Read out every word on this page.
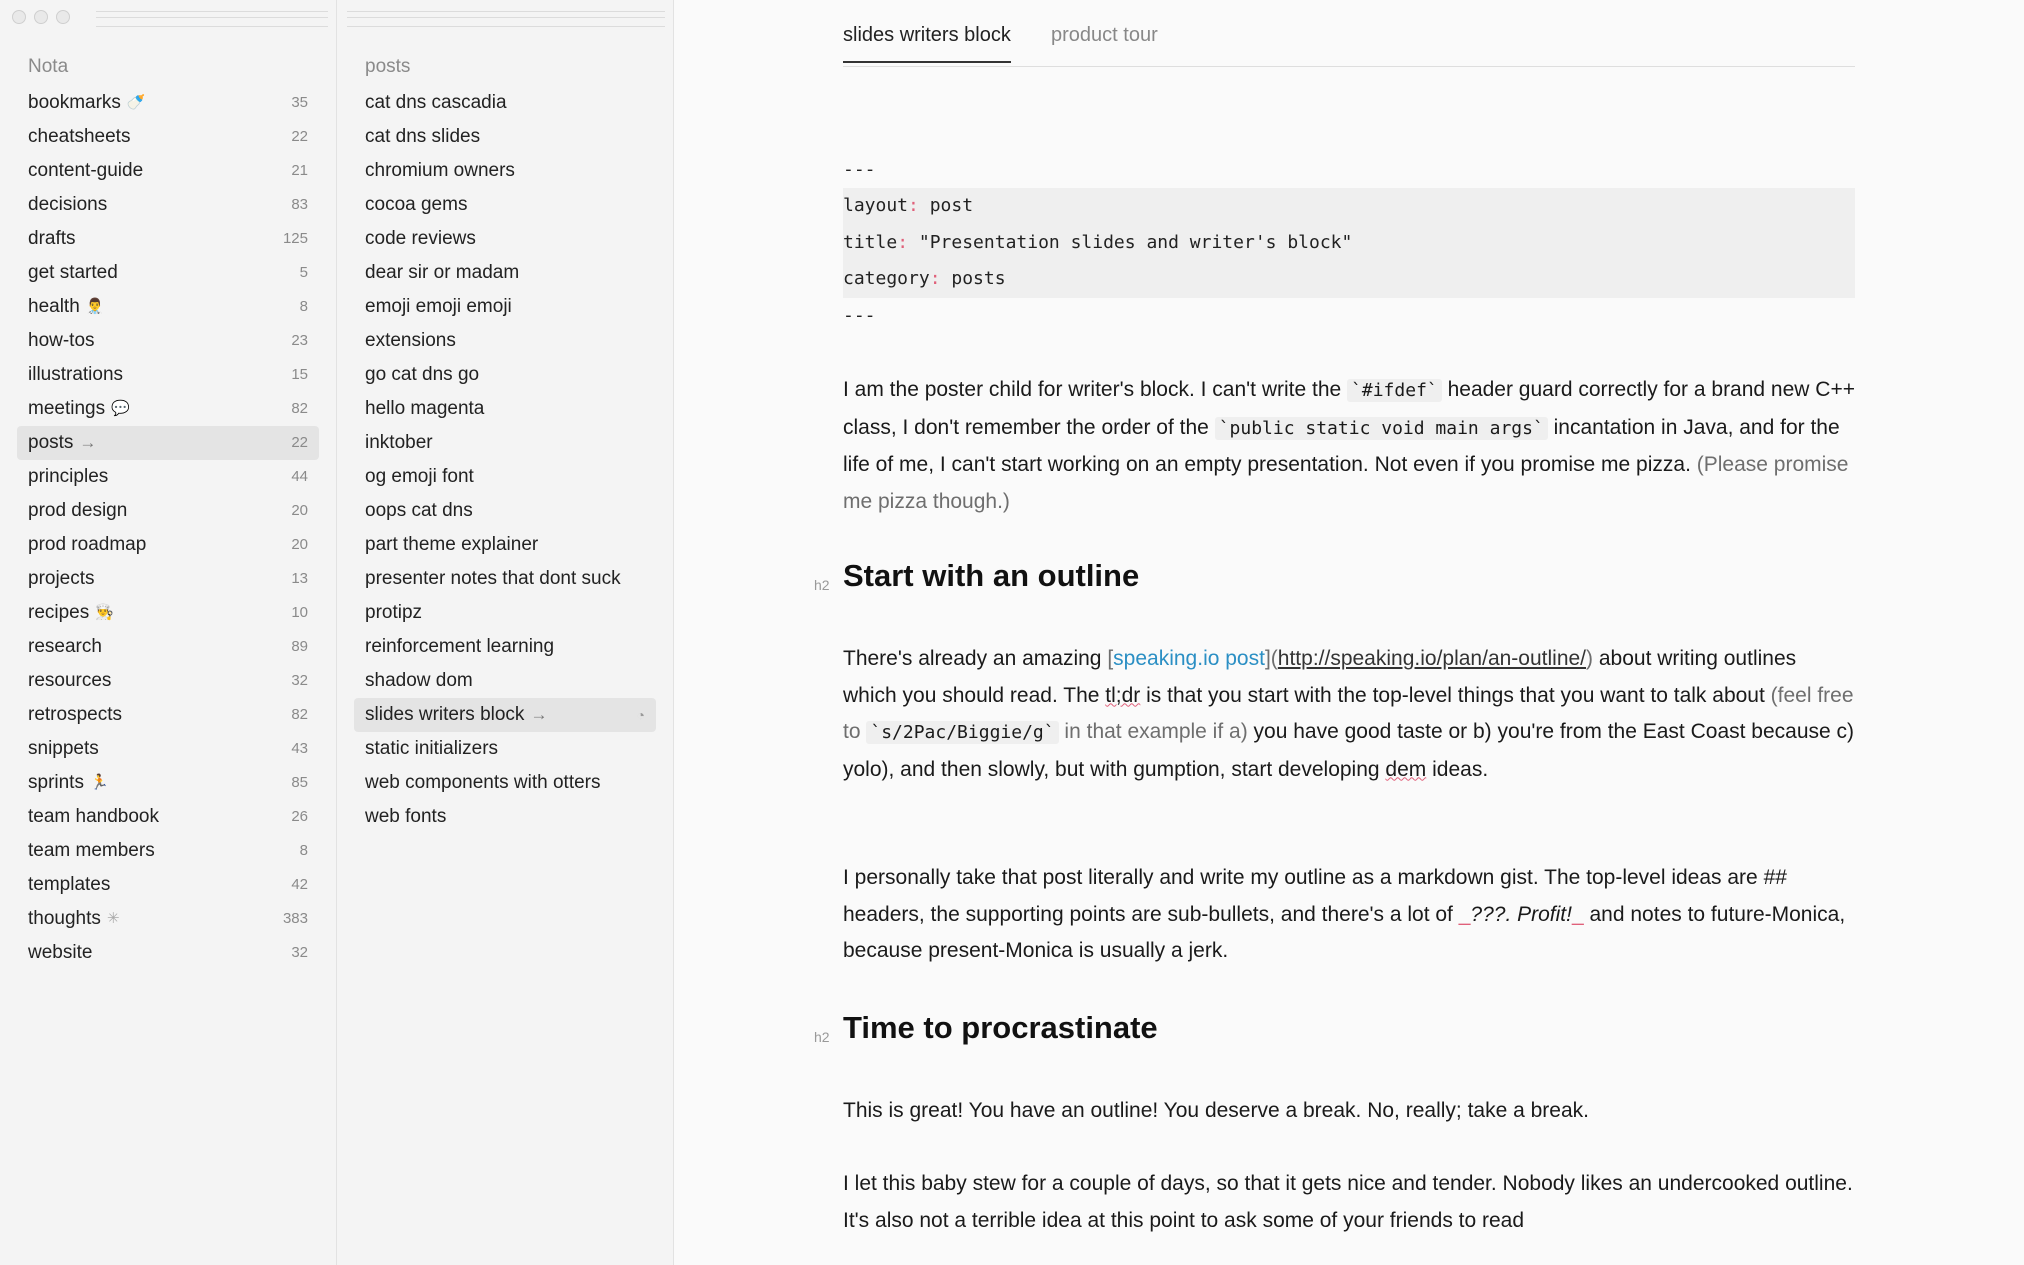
Nota
bookmarks 🍼	35
cheatsheets	22
content-guide	21
decisions	83
drafts	125
get started	5
health 👨‍⚕️	8
how-tos	23
illustrations	15
meetings 💬	82
posts →	22
principles	44
prod design	20
prod roadmap	20
projects	13
recipes 👨‍🍳	10
research	89
resources	32
retrospects	82
snippets	43
sprints 🏃	85
team handbook	26
team members	8
templates	42
thoughts ✳	383
website	32
posts
cat dns cascadia
cat dns slides
chromium owners
cocoa gems
code reviews
dear sir or madam
emoji emoji emoji
extensions
go cat dns go
hello magenta
inktober
og emoji font
oops cat dns
part theme explainer
presenter notes that dont suck
protipz
reinforcement learning
shadow dom
slides writers block →	◔
static initializers
web components with otters
web fonts
slides writers block product tour
---
layout: post
title: "Presentation slides and writer's block"
category: posts
---

I am the poster child for writer's block. I can't write the `#ifdef` header guard correctly for a brand new C++ class, I don't remember the order of the `public static void main args` incantation in Java, and for the life of me, I can't start working on an empty presentation. Not even if you promise me pizza. (Please promise me pizza though.)

h2 Start with an outline

There's already an amazing [speaking.io post](http://speaking.io/plan/an-outline/) about writing outlines which you should read. The tl;dr is that you start with the top-level things that you want to talk about (feel free to `s/2Pac/Biggie/g` in that example if a) you have good taste or b) you're from the East Coast because c) yolo), and then slowly, but with gumption, start developing dem ideas.

I personally take that post literally and write my outline as a markdown gist. The top-level ideas are ## headers, the supporting points are sub-bullets, and there's a lot of _???. Profit!_ and notes to future-Monica, because present-Monica is usually a jerk.

h2 Time to procrastinate

This is great! You have an outline! You deserve a break. No, really; take a break.

I let this baby stew for a couple of days, so that it gets nice and tender. Nobody likes an undercooked outline. It's also not a terrible idea at this point to ask some of your friends to read
